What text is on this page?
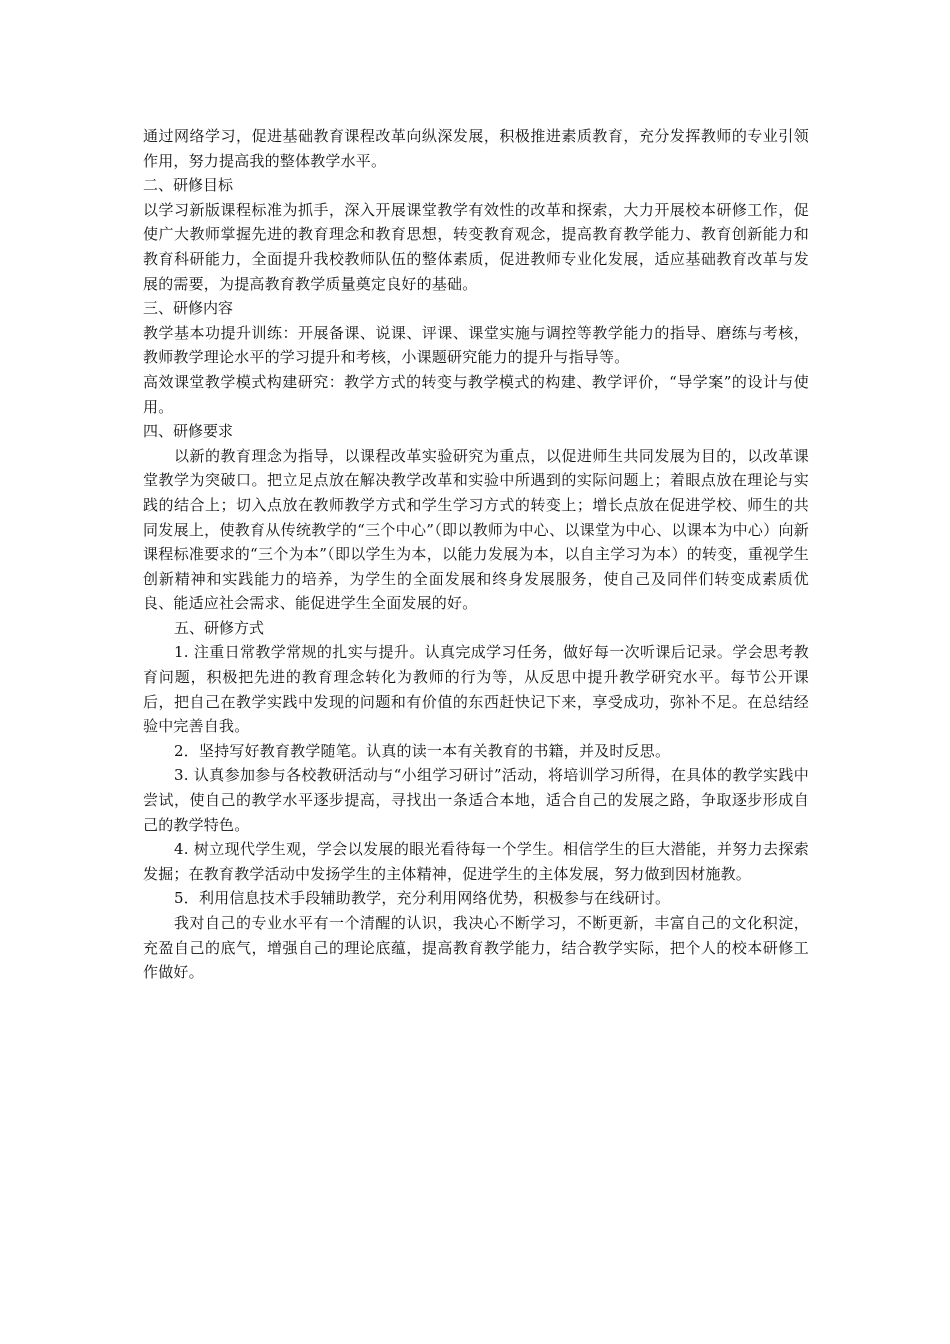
通过网络学习，促进基础教育课程改革向纵深发展，积极推进素质教育，充分发挥教师的专业引领作用，努力提高我的整体教学水平。

二、研修目标

以学习新版课程标准为抓手，深入开展课堂教学有效性的改革和探索，大力开展校本研修工作，促使广大教师掌握先进的教育理念和教育思想，转变教育观念，提高教育教学能力、教育创新能力和教育科研能力，全面提升我校教师队伍的整体素质，促进教师专业化发展，适应基础教育改革与发展的需要，为提高教育教学质量奠定良好的基础。

三、研修内容

教学基本功提升训练：开展备课、说课、评课、课堂实施与调控等教学能力的指导、磨练与考核，教师教学理论水平的学习提升和考核，小课题研究能力的提升与指导等。

高效课堂教学模式构建研究：教学方式的转变与教学模式的构建、教学评价，“导学案”的设计与使用。

四、研修要求

以新的教育理念为指导，以课程改革实验研究为重点，以促进师生共同发展为目的，以改革课堂教学为突破口。把立足点放在解决教学改革和实验中所遇到的实际问题上；着眼点放在理论与实践的结合上；切入点放在教师教学方式和学生学习方式的转变上；增长点放在促进学校、师生的共同发展上，使教育从传统教学的“三个中心”（即以教师为中心、以课堂为中心、以课本为中心）向新课程标准要求的“三个为本”（即以学生为本，以能力发展为本，以自主学习为本）的转变，重视学生创新精神和实践能力的培养，为学生的全面发展和终身发展服务，使自己及同伴们转变成素质优良、能适应社会需求、能促进学生全面发展的好。

五、研修方式

1. 注重日常教学常规的扎实与提升。认真完成学习任务，做好每一次听课后记录。学会思考教育问题，积极把先进的教育理念转化为教师的行为等，从反思中提升教学研究水平。每节公开课后，把自己在教学实践中发现的问题和有价值的东西赶快记下来，享受成功，弥补不足。在总结经验中完善自我。

2．坚持写好教育教学随笔。认真的读一本有关教育的书籍，并及时反思。

3. 认真参加参与各校教研活动与“小组学习研讨”活动，将培训学习所得，在具体的教学实践中尝试，使自己的教学水平逐步提高，寻找出一条适合本地，适合自己的发展之路，争取逐步形成自己的教学特色。

4. 树立现代学生观，学会以发展的眼光看待每一个学生。相信学生的巨大潜能，并努力去探索发掘；在教育教学活动中发扬学生的主体精神，促进学生的主体发展，努力做到因材施教。

5．利用信息技术手段辅助教学，充分利用网络优势，积极参与在线研讨。

我对自己的专业水平有一个清醒的认识，我决心不断学习，不断更新，丰富自己的文化积淀，充盈自己的底气，增强自己的理论底蕴，提高教育教学能力，结合教学实际，把个人的校本研修工作做好。
